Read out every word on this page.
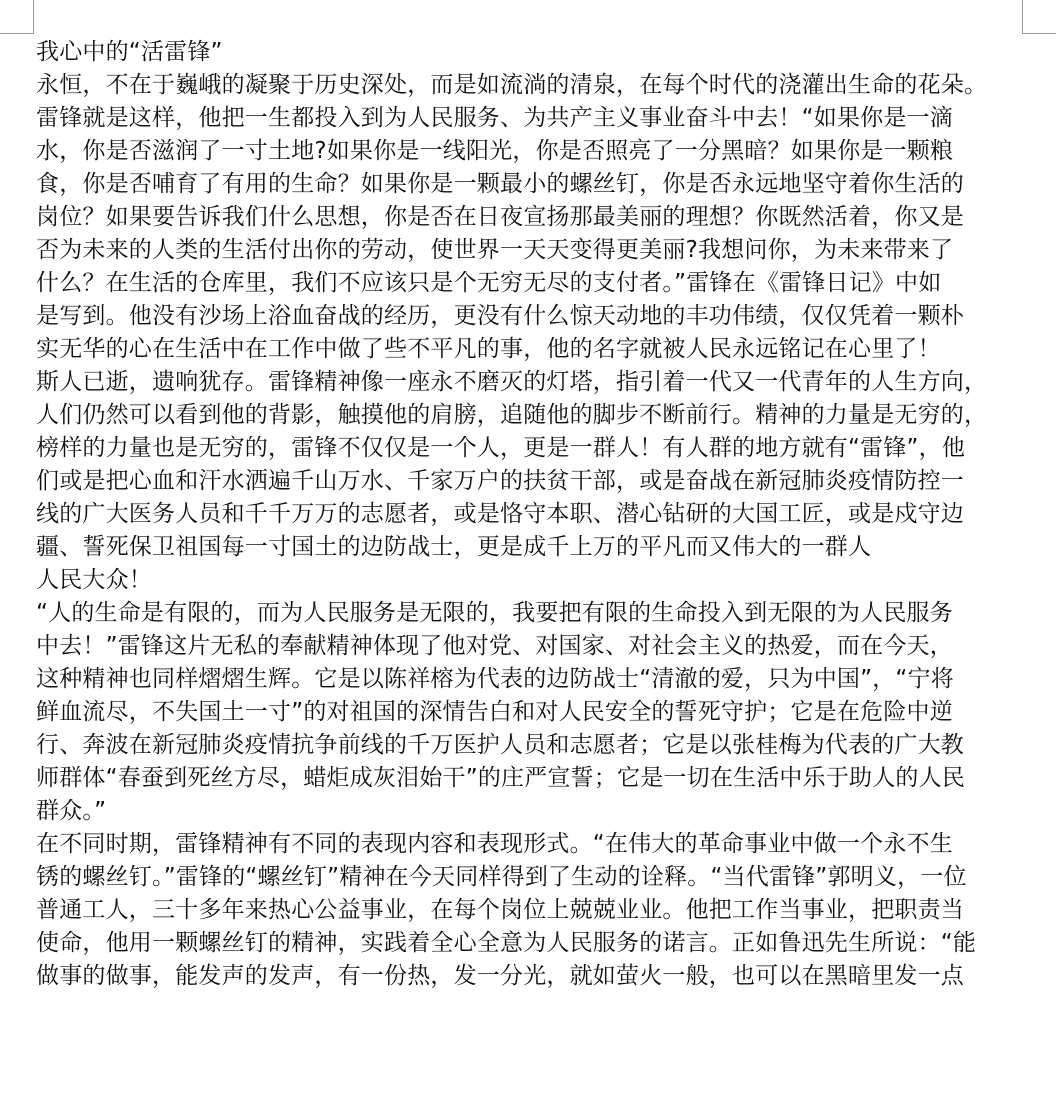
我心中的“活雷锋”
永恒，不在于巍峨的凝聚于历史深处，而是如流淌的清泉，在每个时代的浇灌出生命的花朵。
雷锋就是这样，他把一生都投入到为人民服务、为共产主义事业奋斗中去！“如果你是一滴
水，你是否滋润了一寸土地?如果你是一线阳光，你是否照亮了一分黑暗？如果你是一颗粮
食，你是否哺育了有用的生命？如果你是一颗最小的螺丝钉，你是否永远地坚守着你生活的
岗位？如果要告诉我们什么思想，你是否在日夜宣扬那最美丽的理想？你既然活着，你又是
否为未来的人类的生活付出你的劳动，使世界一天天变得更美丽?我想问你，为未来带来了
什么？在生活的仓库里，我们不应该只是个无穷无尽的支付者。”雷锋在《雷锋日记》中如
是写到。他没有沙场上浴血奋战的经历，更没有什么惊天动地的丰功伟绩，仅仅凭着一颗朴
实无华的心在生活中在工作中做了些不平凡的事，他的名字就被人民永远铭记在心里了！
斯人已逝，遗响犹存。雷锋精神像一座永不磨灭的灯塔，指引着一代又一代青年的人生方向，
人们仍然可以看到他的背影，触摸他的肩膀，追随他的脚步不断前行。精神的力量是无穷的，
榜样的力量也是无穷的，雷锋不仅仅是一个人，更是一群人！有人群的地方就有“雷锋”，他
们或是把心血和汗水洒遍千山万水、千家万户的扶贫干部，或是奋战在新冠肺炎疫情防控一
线的广大医务人员和千千万万的志愿者，或是恪守本职、潜心钻研的大国工匠，或是戍守边
疆、誓死保卫祖国每一寸国土的边防战士，更是成千上万的平凡而又伟大的一群人
人民大众！
“人的生命是有限的，而为人民服务是无限的，我要把有限的生命投入到无限的为人民服务
中去！”雷锋这片无私的奉献精神体现了他对党、对国家、对社会主义的热爱，而在今天，
这种精神也同样熠熠生辉。它是以陈祥榕为代表的边防战士“清澈的爱，只为中国”，“宁将
鲜血流尽，不失国土一寸”的对祖国的深情告白和对人民安全的誓死守护；它是在危险中逆
行、奔波在新冠肺炎疫情抗争前线的千万医护人员和志愿者；它是以张桂梅为代表的广大教
师群体“春蚕到死丝方尽，蜡炬成灰泪始干”的庄严宣誓；它是一切在生活中乐于助人的人民
群众。”
在不同时期，雷锋精神有不同的表现内容和表现形式。“在伟大的革命事业中做一个永不生
锈的螺丝钉。”雷锋的“螺丝钉”精神在今天同样得到了生动的诠释。“当代雷锋”郭明义，一位
普通工人，三十多年来热心公益事业，在每个岗位上兢兢业业。他把工作当事业，把职责当
使命，他用一颗螺丝钉的精神，实践着全心全意为人民服务的诺言。正如鲁迅先生所说：“能
做事的做事，能发声的发声，有一份热，发一分光，就如萤火一般，也可以在黑暗里发一点
